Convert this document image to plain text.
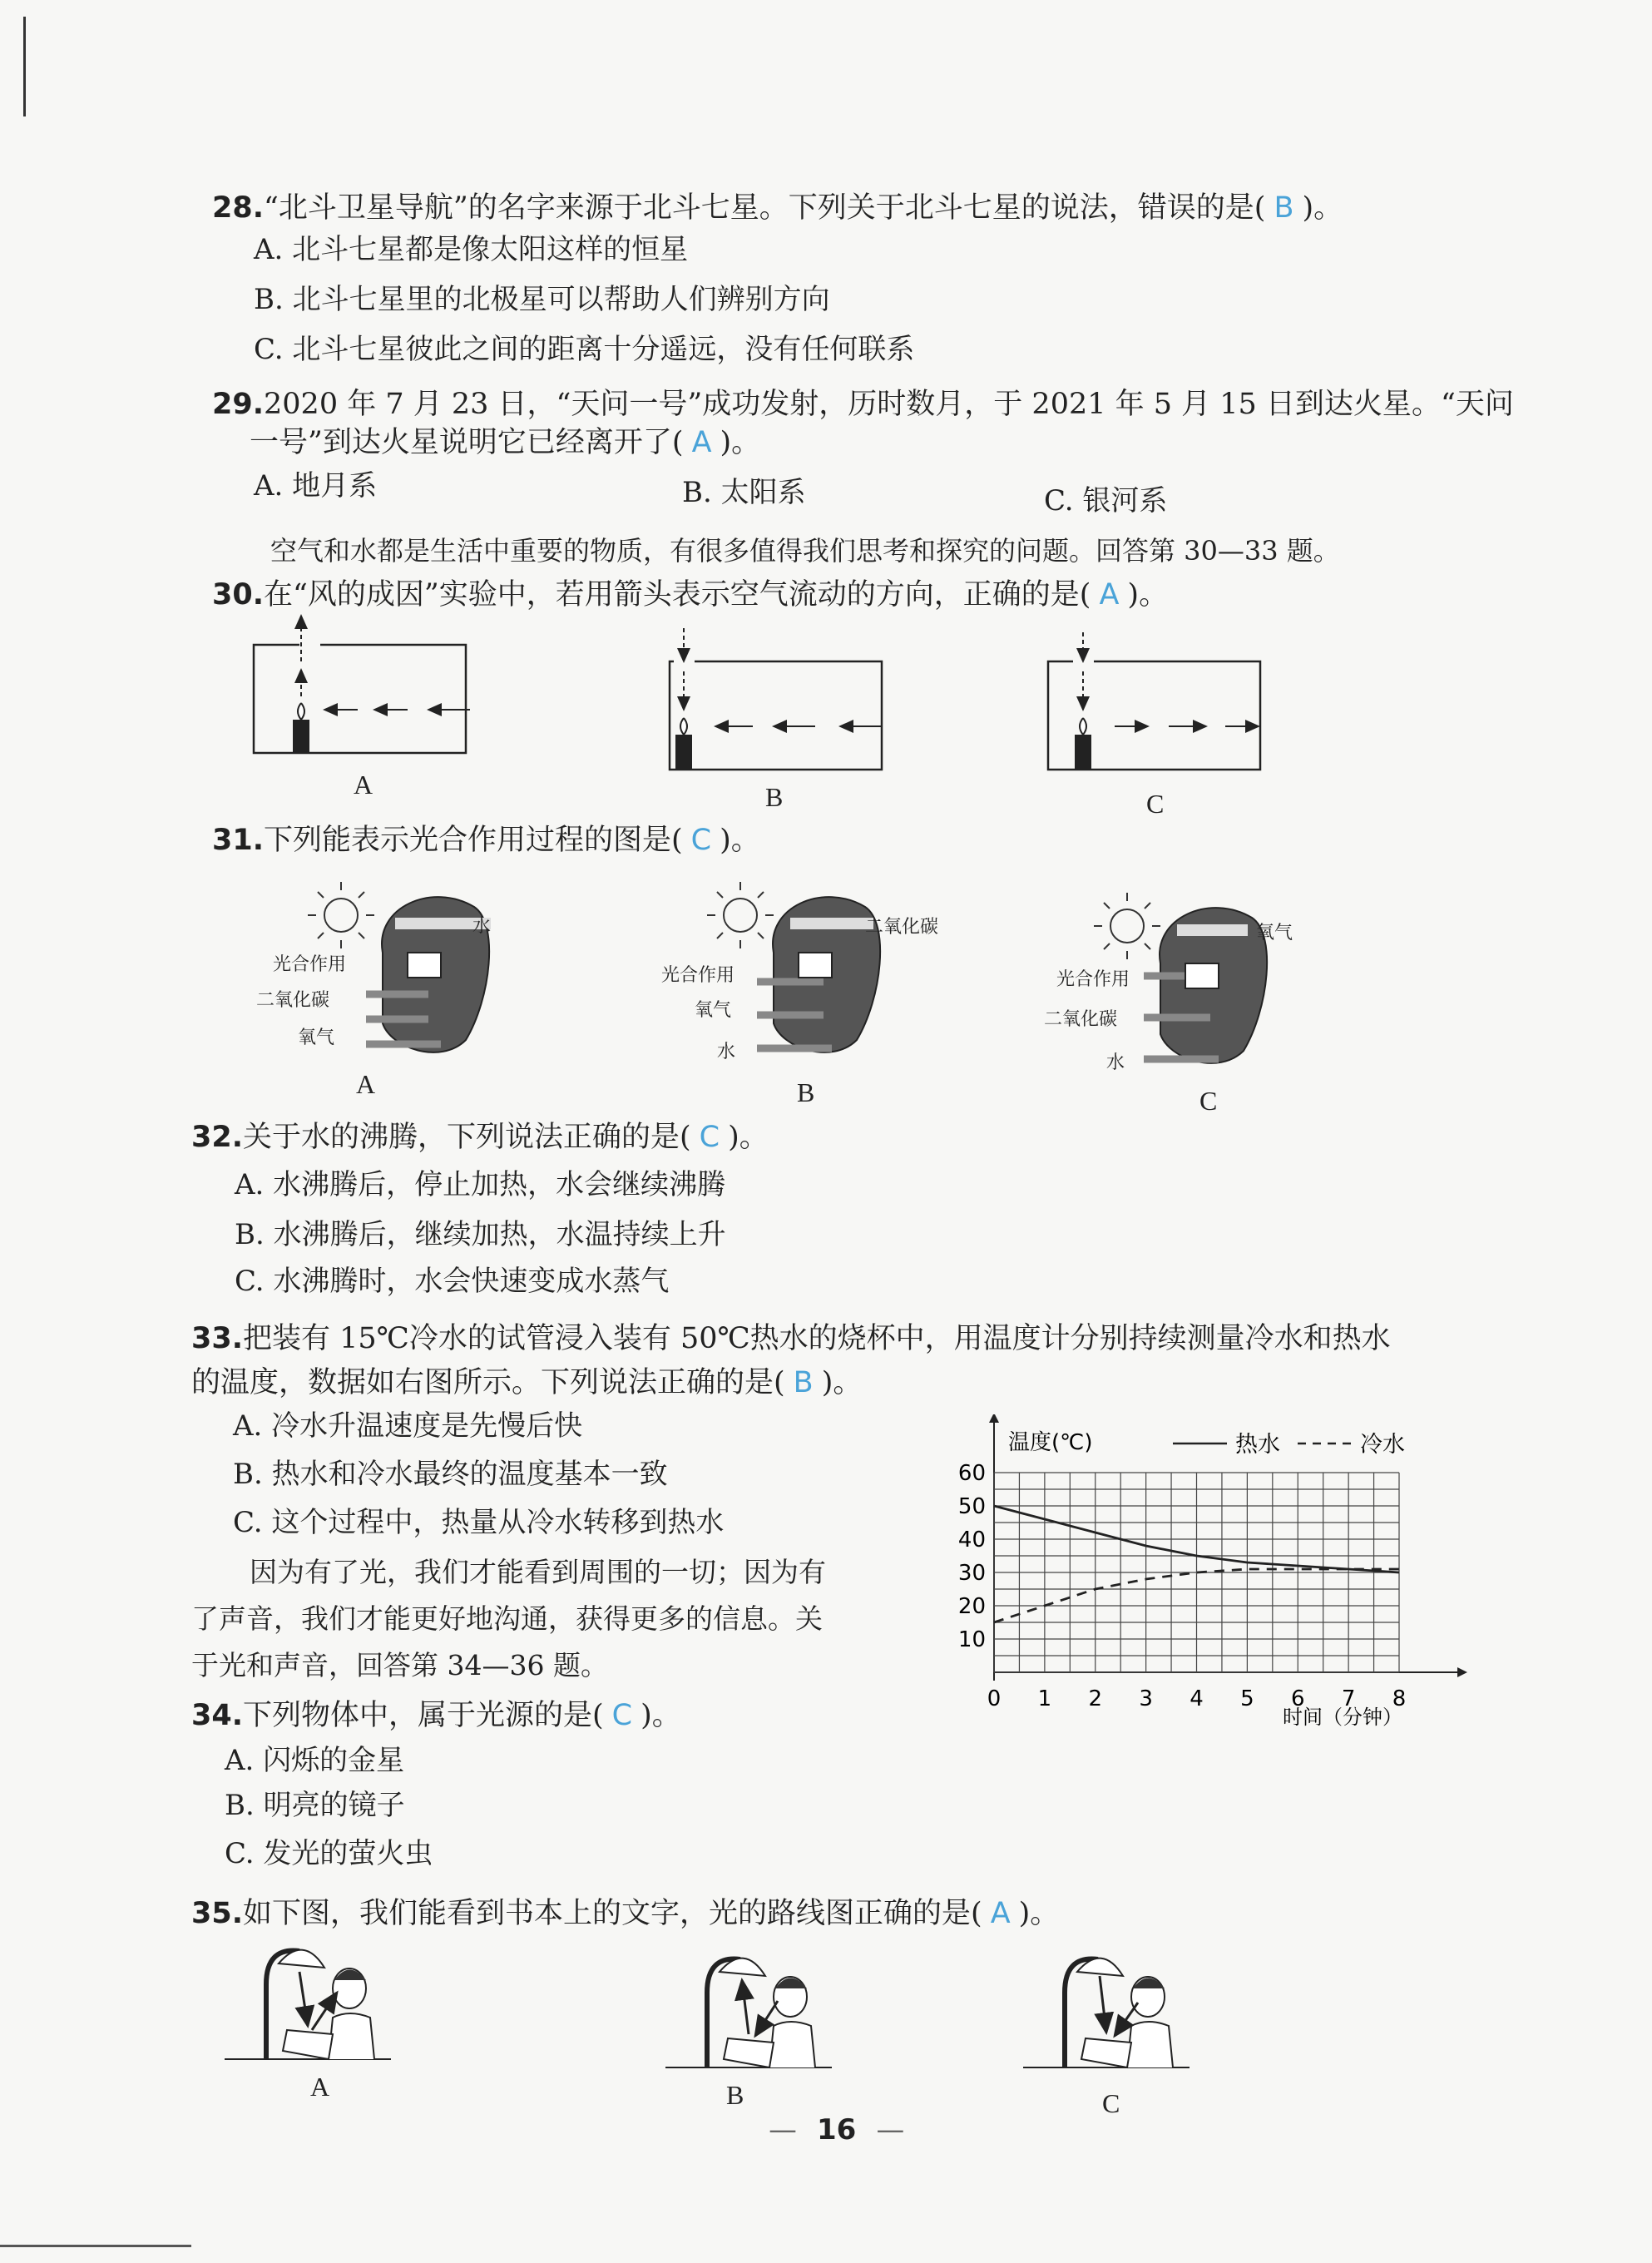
28.“北斗卫星导航”的名字来源于北斗七星。下列关于北斗七星的说法，错误的是( B )。
A. 北斗七星都是像太阳这样的恒星
B. 北斗七星里的北极星可以帮助人们辨别方向
C. 北斗七星彼此之间的距离十分遥远，没有任何联系
29.2020 年 7 月 23 日，“天问一号”成功发射，历时数月，于 2021 年 5 月 15 日到达火星。“天问
一号”到达火星说明它已经离开了( A )。
A. 地月系	B. 太阳系	C. 银河系
空气和水都是生活中重要的物质，有很多值得我们思考和探究的问题。回答第 30—33 题。
30.在“风的成因”实验中，若用箭头表示空气流动的方向，正确的是( A )。
A	B	C
31.下列能表示光合作用过程的图是( C )。
水
光合作用
二氧化碳
氧气
二氧化碳
光合作用
氧气
水
氧气
光合作用
二氧化碳
水
A	B	C
32.关于水的沸腾，下列说法正确的是( C )。
A. 水沸腾后，停止加热，水会继续沸腾
B. 水沸腾后，继续加热，水温持续上升
C. 水沸腾时，水会快速变成水蒸气
33.把装有 15℃冷水的试管浸入装有 50℃热水的烧杯中，用温度计分别持续测量冷水和热水
的温度，数据如右图所示。下列说法正确的是( B )。
A. 冷水升温速度是先慢后快
B. 热水和冷水最终的温度基本一致
C. 这个过程中，热量从冷水转移到热水
10
20
30
40
50
60
0 1 2 3 4 5 6 7 8
热水	冷水
温度(℃)
时间（分钟）
因为有了光，我们才能看到周围的一切；因为有
了声音，我们才能更好地沟通，获得更多的信息。关
于光和声音，回答第 34—36 题。
34.下列物体中，属于光源的是( C )。
A. 闪烁的金星
B. 明亮的镜子
C. 发光的萤火虫
35.如下图，我们能看到书本上的文字，光的路线图正确的是( A )。
A	B	C
— 16 —
